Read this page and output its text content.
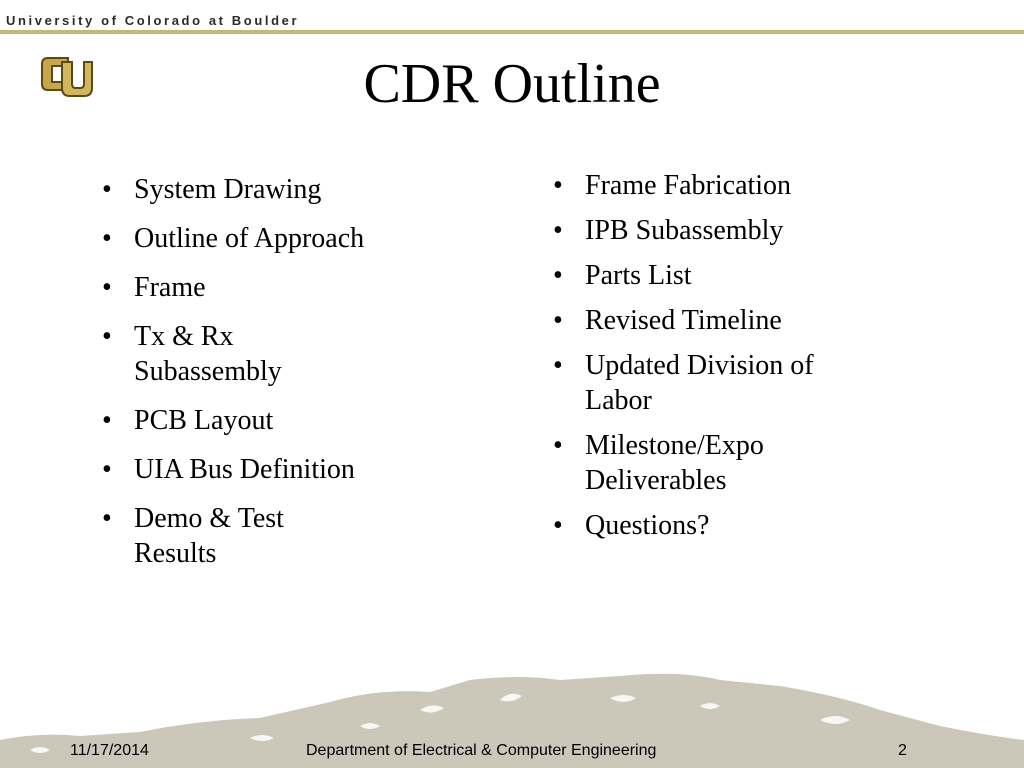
University of Colorado at Boulder
CDR Outline
• System Drawing
• Outline of Approach
• Frame
• Tx & Rx Subassembly
• PCB Layout
• UIA Bus Definition
• Demo & Test Results
• Frame Fabrication
• IPB Subassembly
• Parts List
• Revised Timeline
• Updated Division of Labor
• Milestone/Expo Deliverables
• Questions?
11/17/2014	Department of Electrical & Computer Engineering	2
